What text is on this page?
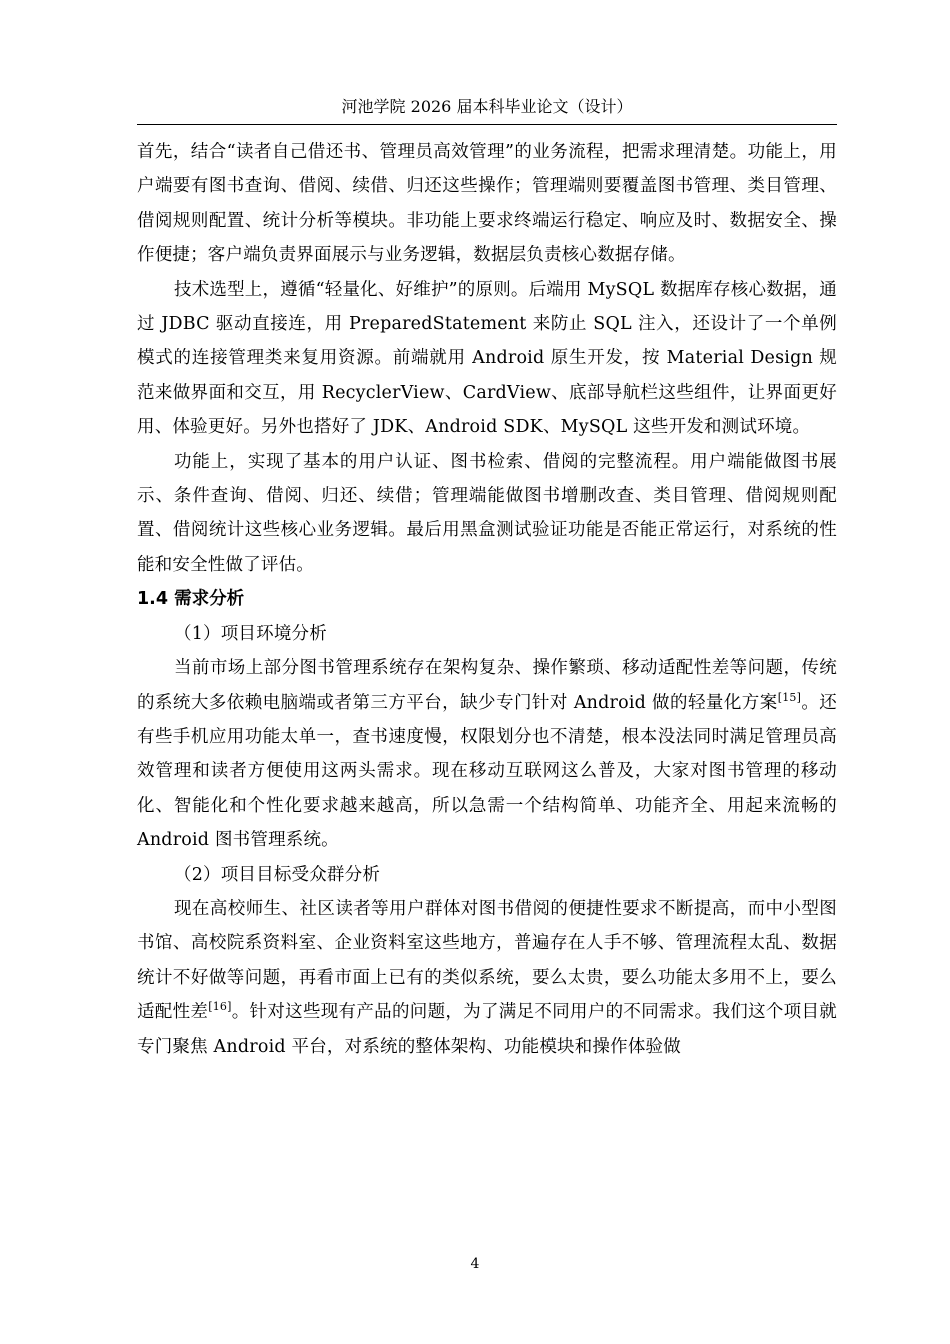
河池学院 2026 届本科毕业论文（设计）

首先，结合“读者自己借还书、管理员高效管理”的业务流程，把需求理清楚。功能上，用户端要有图书查询、借阅、续借、归还这些操作；管理端则要覆盖图书管理、类目管理、借阅规则配置、统计分析等模块。非功能上要求终端运行稳定、响应及时、数据安全、操作便捷；客户端负责界面展示与业务逻辑，数据层负责核心数据存储。

技术选型上，遵循“轻量化、好维护”的原则。后端用 MySQL 数据库存核心数据，通过 JDBC 驱动直接连，用 PreparedStatement 来防止 SQL 注入，还设计了一个单例模式的连接管理类来复用资源。前端就用 Android 原生开发，按 Material Design 规范来做界面和交互，用 RecyclerView、CardView、底部导航栏这些组件，让界面更好用、体验更好。另外也搭好了 JDK、Android SDK、MySQL 这些开发和测试环境。

功能上，实现了基本的用户认证、图书检索、借阅的完整流程。用户端能做图书展示、条件查询、借阅、归还、续借；管理端能做图书增删改查、类目管理、借阅规则配置、借阅统计这些核心业务逻辑。最后用黑盒测试验证功能是否能正常运行，对系统的性能和安全性做了评估。

1.4 需求分析

（1）项目环境分析

当前市场上部分图书管理系统存在架构复杂、操作繁琐、移动适配性差等问题，传统的系统大多依赖电脑端或者第三方平台，缺少专门针对 Android 做的轻量化方案[15]。还有些手机应用功能太单一，查书速度慢，权限划分也不清楚，根本没法同时满足管理员高效管理和读者方便使用这两头需求。现在移动互联网这么普及，大家对图书管理的移动化、智能化和个性化要求越来越高，所以急需一个结构简单、功能齐全、用起来流畅的 Android 图书管理系统。

（2）项目目标受众群分析

现在高校师生、社区读者等用户群体对图书借阅的便捷性要求不断提高，而中小型图书馆、高校院系资料室、企业资料室这些地方，普遍存在人手不够、管理流程太乱、数据统计不好做等问题，再看市面上已有的类似系统，要么太贵，要么功能太多用不上，要么适配性差[16]。针对这些现有产品的问题，为了满足不同用户的不同需求。我们这个项目就专门聚焦 Android 平台，对系统的整体架构、功能模块和操作体验做

4
